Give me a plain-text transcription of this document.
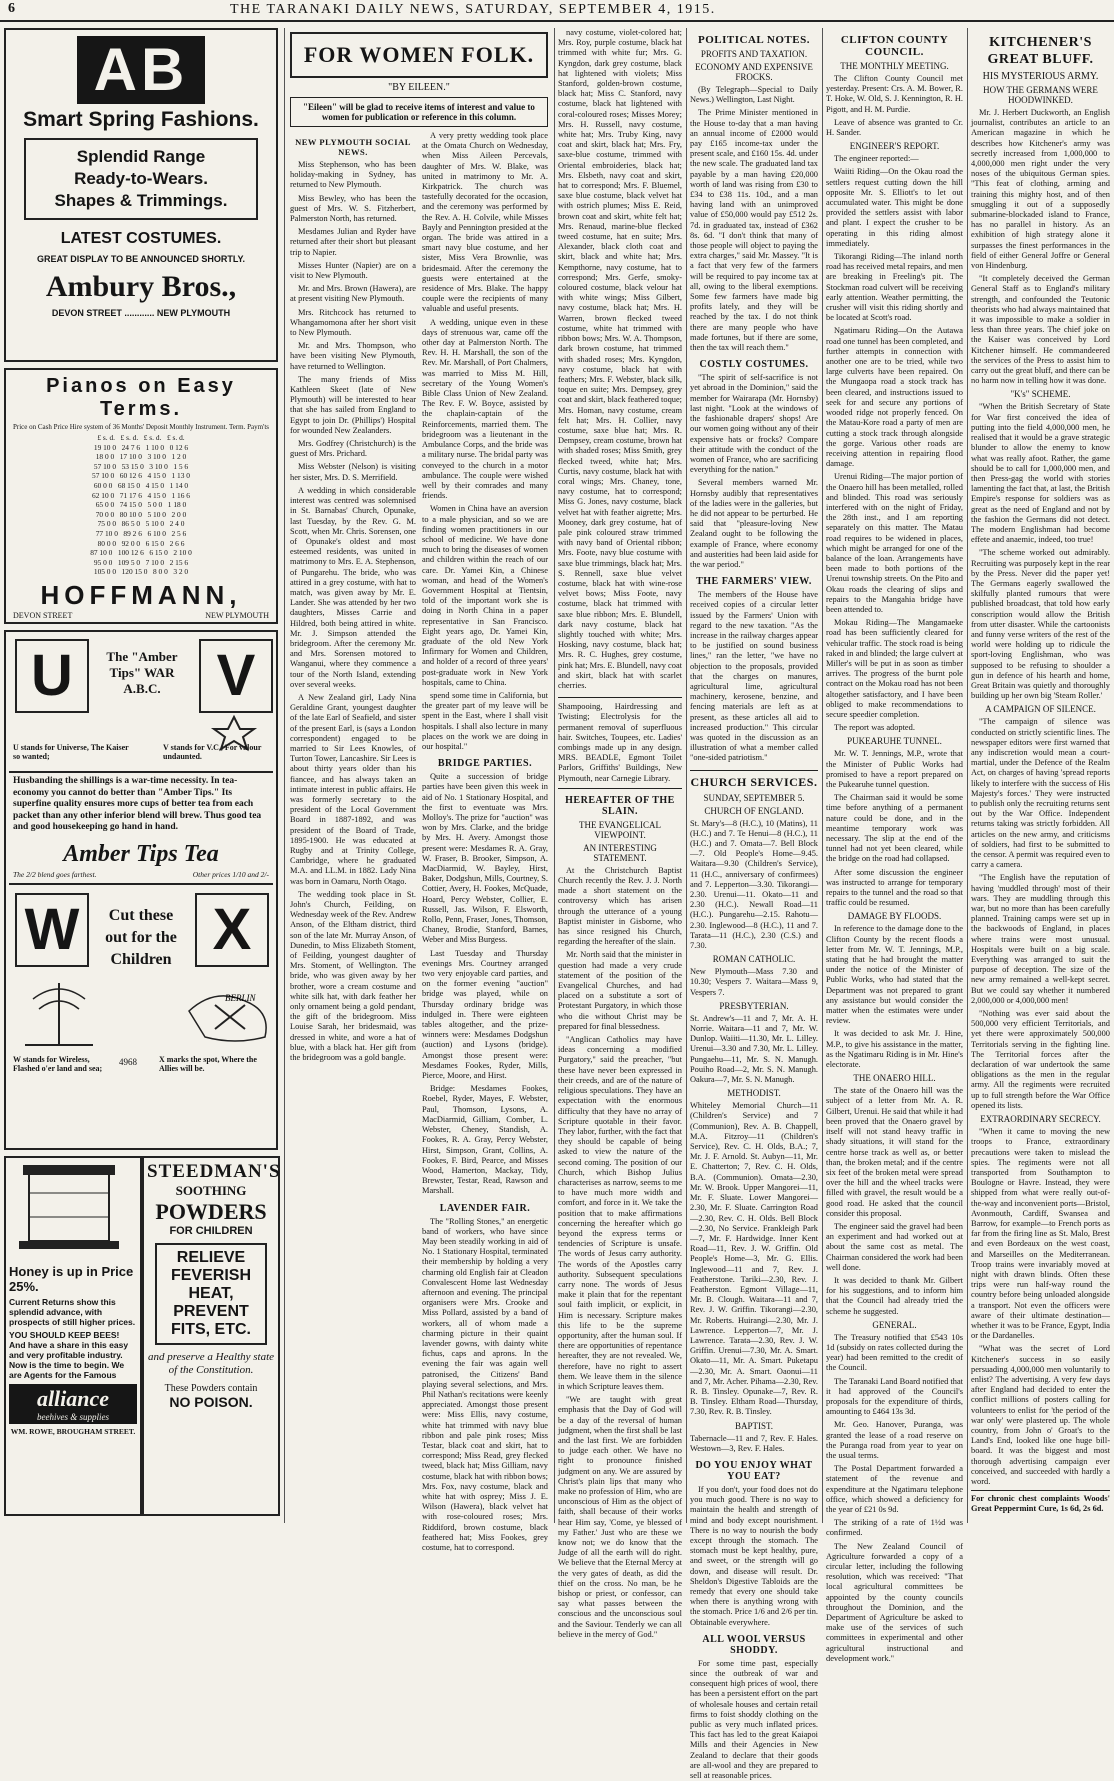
6	THE TARANAKI DAILY NEWS, SATURDAY, SEPTEMBER 4, 1915.
AB
Smart Spring Fashions.
Splendid Range
Ready-to-Wears.
Shapes & Trimmings.
LATEST COSTUMES.
GREAT DISPLAY TO BE ANNOUNCED SHORTLY.
Ambury Bros.,
DEVON STREET ............ NEW PLYMOUTH
Pianos on Easy Terms.
Price on Cash Price Hire system of 36 Months' Deposit Monthly Instrument. Term. Paym'ts
£ s. d.   £ s. d.   £ s. d.   £ s. d.
19 10 0   24 7 6   1 10 0   0 12 6
18 0 0   17 10 0   3 10 0   1 2 0
57 10 0   53 15 0   3 10 0   1 5 6
57 10 0   60 12 6   4 15 0   1 13 0
60 0 0   68 15 0   4 15 0   1 14 0
62 10 0   71 17 6   4 15 0   1 16 6
65 0 0   74 15 0   5 0 0   1 18 0
70 0 0   80 10 0   5 10 0   2 0 0
75 0 0   86 5 0   5 10 0   2 4 0
77 10 0   89 2 6   6 10 0   2 5 6
80 0 0   92 0 0   6 15 0   2 6 6
87 10 0   100 12 6   6 15 0   2 10 0
95 0 0   109 5 0   7 10 0   2 15 6
105 0 0   120 15 0   8 0 0   3 2 0
HOFFMANN,
DEVON STREET	NEW PLYMOUTH
U	The "Amber Tips" WAR A.B.C. V
U stands for Universe, The Kaiser so wanted;
V stands for V.C., For valour undaunted.
Husbanding the shillings is a war-time necessity. In tea-economy you cannot do better than "Amber Tips." Its superfine quality ensures more cups of better tea from each packet than any other inferior blend will brew. Thus good tea and good housekeeping go hand in hand.
Amber Tips Tea
The 2/2 blend goes farthest.	Other prices 1/10 and 2/-
W	Cut these out for the Children X
BERLIN
W stands for Wireless, Flashed o'er land and sea;
X marks the spot, Where the Allies will be.
4968
Honey is up in Price 25%.
Current Returns show this splendid advance, with prospects of still higher prices.
YOU SHOULD KEEP BEES! And have a share in this easy and very profitable industry. Now is the time to begin. We are Agents for the Famous
alliance
beehives & supplies
WM. ROWE, BROUGHAM STREET.
STEEDMAN'S
SOOTHING
POWDERS
FOR CHILDREN
RELIEVE
FEVERISH
HEAT,
PREVENT
FITS, ETC.
and preserve a Healthy state of the Constitution.
These Powders contain
NO POISON.
FOR WOMEN FOLK.
"BY EILEEN."
"Eileen" will be glad to receive items of interest and value to women for publication or reference in this column.
NEW PLYMOUTH SOCIAL NEWS.

Miss Stephenson, who has been holiday-making in Sydney, has returned to New Plymouth.

Miss Bewley, who has been the guest of Mrs. W. S. Fitzherbert, Palmerston North, has returned.

Mesdames Julian and Ryder have returned after their short but pleasant trip to Napier.

Misses Hunter (Napier) are on a visit to New Plymouth.

Mr. and Mrs. Brown (Hawera), are at present visiting New Plymouth.

Mrs. Ritchcock has returned to Whangamomona after her short visit to New Plymouth.

Mr. and Mrs. Thompson, who have been visiting New Plymouth, have returned to Wellington.

The many friends of Miss Kathleen Skeet (late of New Plymouth) will be interested to hear that she has sailed from England to Egypt to join Dr. (Phillips') Hospital for wounded New Zealanders.

Mrs. Godfrey (Christchurch) is the guest of Mrs. Prichard.

Miss Webster (Nelson) is visiting her sister, Mrs. D. S. Merrifield.

A wedding in which considerable interest was centred was solemnised in St. Barnabas' Church, Opunake, last Tuesday, by the Rev. G. M. Scott, when Mr. Chris. Sorensen, one of Opunake's oldest and most esteemed residents, was united in matrimony to Mrs. E. A. Stephenson, of Pungarehu. The bride, who was attired in a grey costume, with hat to match, was given away by Mr. E. Lander. She was attended by her two daughters, Misses Carrie and Hildred, both being attired in white. Mr. J. Simpson attended the bridegroom. After the ceremony Mr. and Mrs. Sorensen motored to Wanganui, where they commence a tour of the North Island, extending over several weeks.

A New Zealand girl, Lady Nina Geraldine Grant, youngest daughter of the late Earl of Seafield, and sister of the present Earl, is (says a London correspondent) engaged to be married to Sir Lees Knowles, of Turton Tower, Lancashire. Sir Lees is about thirty years older than his fiancee, and has always taken an intimate interest in public affairs. He was formerly secretary to the president of the Local Government Board in 1887-1892, and was president of the Board of Trade, 1895-1900. He was educated at Rugby and at Trinity College, Cambridge, where he graduated M.A. and LL.M. in 1882. Lady Nina was born in Oamaru, North Otago.

The wedding took place in St. John's Church, Feilding, on Wednesday week of the Rev. Andrew Anson, of the Eltham district, third son of the late Mr. Murray Anson, of Dunedin, to Miss Elizabeth Stoment, of Feilding, youngest daughter of Mrs. Stoment, of Wellington. The bride, who was given away by her brother, wore a cream costume and white silk hat, with dark feather her only ornament being a gold pendant, the gift of the bridegroom. Miss Louise Sarah, her bridesmaid, was dressed in white, and wore a hat of blue, with a black hat. Her gift from the bridegroom was a gold bangle.

A very pretty wedding took place at the Omata Church on Wednesday, when Miss Aileen Percevals, daughter of Mrs. W. Blake, was united in matrimony to Mr. A. Kirkpatrick. The church was tastefully decorated for the occasion, and the ceremony was performed by the Rev. A. H. Colvile, while Misses Bayly and Pennington presided at the organ. The bride was attired in a smart navy blue costume, and her sister, Miss Vera Brownlie, was bridesmaid. After the ceremony the guests were entertained at the residence of Mrs. Blake. The happy couple were the recipients of many valuable and useful presents.

A wedding, unique even in these days of strenuous war, came off the other day at Palmerston North. The Rev. H. H. Marshall, the son of the Rev. Mr. Marshall, of Port Chalmers, was married to Miss M. Hill, secretary of the Young Women's Bible Class Union of New Zealand. The Rev. F. W. Boyce, assisted by the chaplain-captain of the Reinforcements, married them. The bridegroom was a lieutenant in the Ambulance Corps, and the bride was a military nurse. The bridal party was conveyed to the church in a motor ambulance. The couple were wished well by their comrades and many friends.

Women in China have an aversion to a male physician, and so we are finding women practitioners in our school of medicine. We have done much to bring the diseases of women and children within the reach of our care. Dr. Yamei Kin, a Chinese woman, and head of the Women's Government Hospital at Tientsin, told of the important work she is doing in North China in a paper representative in San Francisco. Eight years ago, Dr. Yamei Kin, graduate of the old New York Infirmary for Women and Children, and holder of a record of three years' post-graduate work in New York hospitals, came to China.

spend some time in California, but the greater part of my leave will be spent in the East, where I shall visit hospitals. I shall also lecture in many places on the work we are doing in our hospital."

BRIDGE PARTIES.

Quite a succession of bridge parties have been given this week in aid of No. 1 Stationary Hospital, and the first to eventuate was Mrs. Molloy's. The prize for "auction" was won by Mrs. Clarke, and the bridge by Mrs. H. Avery. Amongst those present were: Mesdames R. A. Gray, W. Fraser, B. Brooker, Simpson, A. MacDiarmid, W. Bayley, Hirst, Baker, Dodgshun, Mills, Courtney, S. Cottier, Avery, H. Fookes, McQuade, Hoard, Percy Webster, Collier, E. Russell, Jas. Wilson, F. Elsworth, Rollo, Penn, Fraser, Jones, Thomson, Chaney, Brodie, Stanford, Barnes, Weber and Miss Burgess.

Last Tuesday and Thursday evenings Mrs. Courtney arranged two very enjoyable card parties, and on the former evening "auction" bridge was played, while on Thursday ordinary bridge was indulged in. There were eighteen tables altogether, and the prize-winners were: Mesdames Dodgshun (auction) and Lysons (bridge). Amongst those present were: Mesdames Fookes, Ryder, Mills, Pierce, Moore, and Hirst.

Bridge: Mesdames Fookes, Roebel, Ryder, Mayes, F. Webster, Paul, Thomson, Lysons, A. MacDiarmid, Gilliam, Comber, L. Webster, Cheney, Standish, A. Fookes, R. A. Gray, Percy Webster, Hirst, Simpson, Grant, Collins, A. Fookes, F. Bird, Pearce, and Misses Wood, Hamerton, Mackay, Tidy, Brewster, Testar, Read, Rawson and Marshall.

LAVENDER FAIR.

The "Rolling Stones," an energetic band of workers, who have since May been steadily working in aid of No. 1 Stationary Hospital, terminated their membership by holding a very charming old English fair at Cleadon Convalescent Home last Wednesday afternoon and evening. The principal organisers were Mrs. Crooke and Miss Pollard, assisted by a band of workers, all of whom made a charming picture in their quaint lavender gowns, with dainty white fichus, caps and aprons. In the evening the fair was again well patronised, the Citizens' Band playing several selections, and Mrs. Phil Nathan's recitations were keenly appreciated. Amongst those present were: Miss Ellis, navy costume, white hat trimmed with navy blue ribbon and pale pink roses; Miss Testar, black coat and skirt, hat to correspond; Miss Read, grey flecked tweed, black hat; Miss Gilliam, navy costume, black hat with ribbon bows; Mrs. Fox, navy costume, black and white hat with osprey; Miss J. E. Wilson (Hawera), black velvet hat with rose-coloured roses; Mrs. Riddiford, brown costume, black feathered hat; Miss Fookes, grey costume, hat to correspond.

navy costume, violet-colored hat; Mrs. Roy, purple costume, black hat trimmed with white fur; Mrs. G. Kyngdon, dark grey costume, black hat lightened with violets; Miss Stanford, golden-brown costume, black hat; Miss C. Stanford, navy costume, black hat lightened with coral-coloured roses; Misses Morey; Mrs. H. Russell, navy costume, white hat; Mrs. Truby King, navy coat and skirt, black hat; Mrs. Fry, saxe-blue costume, trimmed with Oriental embroideries, black hat; Mrs. Elsbeth, navy coat and skirt, hat to correspond; Mrs. F. Bluemel, saxe blue costume, black velvet hat with ostrich plumes; Miss E. Reid, brown coat and skirt, white felt hat; Mrs. Renaud, marine-blue flecked tweed costume, hat en suite; Mrs. Alexander, black cloth coat and skirt, black and white hat; Mrs. Kempthorne, navy costume, hat to correspond; Mrs. Gerfe, smoky-coloured costume, black velour hat with white wings; Miss Gilbert, navy costume, black hat; Mrs. H. Warren, brown flecked tweed costume, white hat trimmed with ribbon bows; Mrs. W. A. Thompson, dark brown costume, hat trimmed with shaded roses; Mrs. Kyngdon, navy costume, black hat with feathers; Mrs. F. Webster, black silk, toque en suite; Mrs. Dempsey, grey coat and skirt, black feathered toque; Mrs. Homan, navy costume, cream felt hat; Mrs. H. Collier, navy costume, saxe blue hat; Mrs. R. Dempsey, cream costume, brown hat with shaded roses; Miss Smith, grey flecked tweed, white hat; Mrs. Curtis, navy costume, black hat with coral wings; Mrs. Chaney, tone, navy costume, hat to correspond; Miss G. Jones, navy costume, black velvet hat with feather aigrette; Mrs. Mooney, dark grey costume, hat of pale pink coloured straw trimmed with navy band of Oriental ribbon; Mrs. Foote, navy blue costume with saxe blue trimmings, black hat; Mrs. S. Rennell, saxe blue velvet costume, black hat with wine-rose velvet bows; Miss Foote, navy costume, black hat trimmed with saxe blue ribbon; Mrs. E. Blundell, dark navy costume, black hat slightly touched with white; Mrs. Hosking, navy costume, black hat; Mrs. R. C. Hughes, grey costume, pink hat; Mrs. E. Blundell, navy coat and skirt, black hat with scarlet cherries.

Shampooing, Hairdressing and Twisting; Electrolysis for the permanent removal of superfluous hair. Switches, Toupees, etc. Ladies' combings made up in any design. MRS. BEADLE, Egmont Toilet Parlors, Griffiths' Buildings, New Plymouth, near Carnegie Library.

HEREAFTER OF THE SLAIN.
THE EVANGELICAL VIEWPOINT.
AN INTERESTING STATEMENT.

At the Christchurch Baptist Church recently the Rev. J. J. North made a short statement on the controversy which has arisen through the utterance of a young Baptist minister in Gisborne, who has since resigned his Church, regarding the hereafter of the slain.

Mr. North said that the minister in question had made a very crude statement of the position of the Evangelical Churches, and had placed on a substitute a sort of Protestant Purgatory, in which those who die without Christ may be prepared for final blessedness.

"Anglican Catholics may have ideas concerning a modified Purgatory," said the preacher, "but these have never been expressed in their creeds, and are of the nature of religious speculations. They have an expectation with the enormous difficulty that they have no array of Scripture quotable in their favor. They labor, further, with the fact that they should be capable of being asked to view the nature of the second coming. The position of our Church, which Bishop Julius characterises as narrow, seems to me to have much more width and comfort, and force in it. We take the position that to make affirmations concerning the hereafter which go beyond the express terms or tendencies of Scripture is unsafe. The words of Jesus carry authority. The words of the Apostles carry authority. Subsequent speculations carry none. The words of Jesus make it plain that for the repentant soul faith implicit, or explicit, in Him is necessary. Scripture makes this life to be the supreme opportunity, after the human soul. If there are opportunities of repentance hereafter, they are not revealed. We, therefore, have no right to assert them. We leave them in the silence in which Scripture leaves them.

"We are taught with great emphasis that the Day of God will be a day of the reversal of human judgment, when the first shall be last and the last first. We are forbidden to judge each other. We have no right to pronounce finished judgment on any. We are assured by Christ's plain lips that many who make no profession of Him, who are unconscious of Him as the object of faith, shall because of their works hear Him say, 'Come, ye blessed of my Father.' Just who are these we know not; we do know that the Judge of all the earth will do right. We believe that the Eternal Mercy at the very gates of death, as did the thief on the cross. No man, be he bishop or priest, or confessor, can say what passes between the conscious and the unconscious soul and the Saviour. Tenderly we can all believe in the mercy of God."

POLITICAL NOTES.
PROFITS AND TAXATION.
ECONOMY AND EXPENSIVE FROCKS.

(By Telegraph—Special to Daily News.) Wellington, Last Night.

The Prime Minister mentioned in the House to-day that a man having an annual income of £2000 would pay £165 income-tax under the present scale, and £160 15s. 4d. under the new scale. The graduated land tax payable by a man having £20,000 worth of land was rising from £30 to £34 to £38 11s. 10d., and a man having land with an unimproved value of £50,000 would pay £512 2s. 7d. in graduated tax, instead of £362 8s. 6d. "I don't think that many of those people will object to paying the extra charges," said Mr. Massey. "It is a fact that very few of the farmers will be required to pay income tax at all, owing to the liberal exemptions. Some few farmers have made big profits lately, and they will be reached by the tax. I do not think there are many people who have made fortunes, but if there are some, then the tax will reach them."

COSTLY COSTUMES.

"The spirit of self-sacrifice is not yet abroad in the Dominion," said the member for Wairarapa (Mr. Hornsby) last night. "Look at the windows of the fashionable drapers' shops! Are our women going without any of their expensive hats or frocks? Compare their attitude with the conduct of the women of France, who are sacrificing everything for the nation."

Several members warned Mr. Hornsby audibly that representatives of the ladies were in the galleries, but he did not appear to be perturbed. He said that "pleasure-loving New Zealand ought to be following the example of France, where economy and austerities had been laid aside for the war period."

THE FARMERS' VIEW.

The members of the House have received copies of a circular letter issued by the Farmers' Union with regard to the new taxation. "As the increase in the railway charges appear to be justified on sound business lines," ran the letter, "we have no objection to the proposals, provided that the charges on manures, agricultural lime, agricultural machinery, kerosene, benzine, and fencing materials are left as at present, as these articles all aid to increased production." This circular was quoted in the discussion as an illustration of what a member called "one-sided patriotism."

CHURCH SERVICES.
SUNDAY, SEPTEMBER 5.
CHURCH OF ENGLAND.

St. Mary's—8 (H.C.), 10 (Matins), 11 (H.C.) and 7. Te Henui—8 (H.C.), 11 (H.C.) and 7. Omata—7. Bell Block—7. Old People's Home—9.45. Waitara—9.30 (Children's Service), 11 (H.C., anniversary of confirmees) and 7. Lepperton—3.30. Tikorangi—2.30. Urenui—11. Okato—11 and 2.30 (H.C.). Newall Road—11 (H.C.). Pungarehu—2.15. Rahotu—2.30. Inglewood—8 (H.C.), 11 and 7. Tarata—11 (H.C.), 2.30 (C.S.) and 7.30.

ROMAN CATHOLIC.

New Plymouth—Mass 7.30 and 10.30; Vespers 7. Waitara—Mass 9, Vespers 7.

PRESBYTERIAN.

St. Andrew's—11 and 7, Mr. A. H. Norrie. Waitara—11 and 7, Mr. W. Dunlop. Waiiti—11.30, Mr. L. Lilley. Urenui—3.30 and 7.30, Mr. L. Lilley. Pungaehu—11, Mr. S. N. Manugh. Pouiho Road—2, Mr. S. N. Manugh. Oakura—7, Mr. S. N. Manugh.

METHODIST.

Whiteley Memorial Church—11 (Children's Service) and 7 (Communion), Rev. A. B. Chappell, M.A. Fitzroy—11 (Children's Service), Rev. C. H. Olds, B.A.; 7, Mr. J. F. Arnold. St. Aubyn—11, Mr. E. Chatterton; 7, Rev. C. H. Olds, B.A. (Communion). Omata—2.30, Mr. W. Brook. Upper Mangorei—11, Mr. F. Sluate. Lower Mangorei—2.30, Mr. F. Sluate. Carrington Road—2.30, Rev. C. H. Olds. Bell Block—2.30, No Service. Frankleigh Park—7, Mr. F. Hardwidge. Inner Kent Road—11, Rev. J. W. Griffin. Old People's Home—3, Mr. G. Ellis. Inglewood—11 and 7, Rev. J. Featherstone. Tariki—2.30, Rev. J. Featherston. Egmont Village—11, Mr. B. Clough. Waitara—11 and 7, Rev. J. W. Griffin. Tikorangi—2.30, Mr. Roberts. Huirangi—2.30, Mr. J. Lawrence. Lepperton—7, Mr. J. Lawrence. Tarata—2.30, Rev. J. W. Griffin. Urenui—7.30, Mr. A. Smart. Okato—11, Mr. A. Smart. Puketapu—2.30, Mr. A. Smart. Oaonui—11 and 7, Mr. Acher. Pihama—2.30, Rev. R. B. Tinsley. Opunake—7, Rev. R. B. Tinsley. Eltham Road—Thursday, 7.30, Rev. R. B. Tinsley.

BAPTIST.

Tabernacle—11 and 7, Rev. F. Hales. Westown—3, Rev. F. Hales.

DO YOU ENJOY WHAT YOU EAT?

If you don't, your food does not do you much good. There is no way to maintain the health and strength of mind and body except nourishment. There is no way to nourish the body except through the stomach. The stomach must be kept healthy, pure, and sweet, or the strength will go down, and disease will result. Dr. Sheldon's Digestive Tabloids are the remedy that every one should take when there is anything wrong with the stomach. Price 1/6 and 2/6 per tin. Obtainable everywhere.

ALL WOOL VERSUS SHODDY.

For some time past, especially since the outbreak of war and consequent high prices of wool, there has been a persistent effort on the part of wholesale houses and certain retail firms to foist shoddy clothing on the public as very much inflated prices. This fact has led to the great Kaiapoi Mills and their Agencies in New Zealand to declare that their goods are all-wool and they are prepared to sell at reasonable prices.

CLIFTON COUNTY COUNCIL.
THE MONTHLY MEETING.

The Clifton County Council met yesterday. Present: Crs. A. M. Bower, R. T. Hoke, W. Old, S. J. Kennington, R. H. Pigott, and H. M. Purdie.

Leave of absence was granted to Cr. H. Sander.

ENGINEER'S REPORT.

The engineer reported:—

Waiiti Riding—On the Okau road the settlers request cutting down the hill opposite Mr. S. Elliott's to let out accumulated water. This might be done provided the settlers assist with labor and plant. I expect the crusher to be operating in this riding almost immediately.

Tikorangi Riding—The inland north road has received metal repairs, and men are breaking in Freeling's pit. The Stockman road culvert will be receiving early attention. Weather permitting, the crusher will visit this riding shortly and be located at Scott's road.

Ngatimaru Riding—On the Autawa road one tunnel has been completed, and further attempts in connection with another one are to be tried, while two large culverts have been repaired. On the Mungaopa road a stock track has been cleared, and instructions issued to seek for and secure any portions of wooded ridge not properly fenced. On the Matau-Kore road a party of men are cutting a stock track through alongside the gorge. Various other roads are receiving attention in repairing flood damage.

Urenui Riding—The major portion of the Onaero hill has been metalled, rolled and blinded. This road was seriously interfered with on the night of Friday, the 28th inst., and I am reporting separately on this matter. The Matau road requires to be widened in places, which might be arranged for one of the balance of the loan. Arrangements have been made to both portions of the Urenui township streets. On the Pito and Okau roads the clearing of slips and repairs to the Mangahia bridge have been attended to.

Mokau Riding—The Mangamaeke road has been sufficiently cleared for vehicular traffic. The stock road is being raked in and blinded; the large culvert at Miller's will be put in as soon as timber arrives. The progress of the burnt pole contract on the Mokau road has not been altogether satisfactory, and I have been obliged to make recommendations to secure speedier completion.

The report was adopted.

PUKEARUHE TUNNEL.

Mr. W. T. Jennings, M.P., wrote that the Minister of Public Works had promised to have a report prepared on the Pukearuhe tunnel question.

The Chairman said it would be some time before anything of a permanent nature could be done, and in the meantime temporary work was necessary. The slip at the end of the tunnel had not yet been cleared, while the bridge on the road had collapsed.

After some discussion the engineer was instructed to arrange for temporary repairs to the tunnel and the road so that traffic could be resumed.

DAMAGE BY FLOODS.

In reference to the damage done to the Clifton County by the recent floods a letter from Mr. W. T. Jennings, M.P., stating that he had brought the matter under the notice of the Minister of Public Works, who had stated that the Department was not prepared to grant any assistance but would consider the matter when the estimates were under review.

It was decided to ask Mr. J. Hine, M.P., to give his assistance in the matter, as the Ngatimaru Riding is in Mr. Hine's electorate.

THE ONAERO HILL.

The state of the Onaero hill was the subject of a letter from Mr. A. R. Gilbert, Urenui. He said that while it had been proved that the Onaero gravel by itself will not stand heavy traffic in shady situations, it will stand for the centre horse track as well as, or better than, the broken metal; and if the centre six feet of the broken metal were spread over the hill and the wheel tracks were filled with gravel, the result would be a good road. He asked that the council consider this proposal.

The engineer said the gravel had been an experiment and had worked out at about the same cost as metal. The Chairman considered the work had been well done.

It was decided to thank Mr. Gilbert for his suggestions, and to inform him that the Council had already tried the scheme he suggested.

GENERAL.

The Treasury notified that £543 10s 1d (subsidy on rates collected during the year) had been remitted to the credit of the Council.

The Taranaki Land Board notified that it had approved of the Council's proposals for the expenditure of thirds, amounting to £464 13s 3d.

Mr. Geo. Hanover, Puranga, was granted the lease of a road reserve on the Puranga road from year to year on the usual terms.

The Postal Department forwarded a statement of the revenue and expenditure at the Ngatimaru telephone office, which showed a deficiency for the year of £21 0s 9d.

The striking of a rate of 1½d was confirmed.

The New Zealand Council of Agriculture forwarded a copy of a circular letter, including the following resolution, which was received: "That local agricultural committees be appointed by the county councils throughout the Dominion, and the Department of Agriculture be asked to make use of the services of such committees in experimental and other agricultural instructional and development work."

KITCHENER'S GREAT BLUFF.
HIS MYSTERIOUS ARMY.
HOW THE GERMANS WERE HOODWINKED.

Mr. J. Herbert Duckworth, an English journalist, contributes an article to an American magazine in which he describes how Kitchener's army was secretly increased from 1,000,000 to 4,000,000 men right under the very noses of the ubiquitous German spies. "This feat of clothing, arming and training this mighty host, and of then smuggling it out of a supposedly submarine-blockaded island to France, has no parallel in history. As an exhibition of high strategy alone it surpasses the finest performances in the field of either General Joffre or General von Hindenburg.

"It completely deceived the German General Staff as to England's military strength, and confounded the Teutonic theorists who had always maintained that it was impossible to make a soldier in less than three years. The chief joke on the Kaiser was conceived by Lord Kitchener himself. He commandeered the services of the Press to assist him to carry out the great bluff, and there can be no harm now in telling how it was done.

"K's" SCHEME.

"When the British Secretary of State for War first conceived the idea of putting into the field 4,000,000 men, he realised that it would be a grave strategic blunder to allow the enemy to know what was really afoot. Rather, the game should be to call for 1,000,000 men, and then Press-gag the world with stories lamenting the fact that, at last, the British Empire's response for soldiers was as great as the need of England and not by the fashion the Germans did not detect. The modern Englishman had become effete and anaemic, indeed, too true!

"The scheme worked out admirably. Recruiting was purposely kept in the rear by the Press. Never did the paper yet! The Germans eagerly swallowed the skilfully planted rumours that were published broadcast, that told how early conscription would allow the British from utter disaster. While the cartoonists and funny verse writers of the rest of the world were holding up to ridicule the sport-loving Englishman, who was supposed to be refusing to shoulder a gun in defence of his hearth and home, Great Britain was quietly and thoroughly building up her own big 'Steam Roller.'

A CAMPAIGN OF SILENCE.

"The campaign of silence was conducted on strictly scientific lines. The newspaper editors were first warned that any indiscretion would mean a court-martial, under the Defence of the Realm Act, on charges of having 'spread reports likely to interfere with the success of His Majesty's forces.' They were instructed to publish only the recruiting returns sent out by the War Office. Independent returns taking was strictly forbidden. All articles on the new army, and criticisms of soldiers, had first to be submitted to the censor. A permit was required even to carry a camera.

"The English have the reputation of having 'muddled through' most of their wars. They are muddling through this war, but no more than has been carefully planned. Training camps were set up in the backwoods of England, in places where trains were most unusual. Hospitals were built on a big scale. Everything was arranged to suit the purpose of deception. The size of the new army remained a well-kept secret. But we could say whether it numbered 2,000,000 or 4,000,000 men!

"Nothing was ever said about the 500,000 very efficient Territorials, and yet there were approximately 500,000 Territorials serving in the fighting line. The Territorial forces after the declaration of war undertook the same obligations as the men in the regular army. All the regiments were recruited up to full strength before the War Office opened its lists.

EXTRAORDINARY SECRECY.

"When it came to moving the new troops to France, extraordinary precautions were taken to mislead the spies. The regiments were not all transported from Southampton to Boulogne or Havre. Instead, they were shipped from what were really out-of-the-way and inconvenient ports—Bristol, Avonmouth, Cardiff, Swansea and Barrow, for example—to French ports as far from the firing line as St. Malo, Brest and even Bordeaux on the west coast, and Marseilles on the Mediterranean. Troop trains were invariably moved at night with drawn blinds. Often these trips were run half-way round the country before being unloaded alongside a transport. Not even the officers were aware of their ultimate destination—whether it was to be France, Egypt, India or the Dardanelles.

"What was the secret of Lord Kitchener's success in so easily persuading 4,000,000 men voluntarily to enlist? The advertising. A very few days after England had decided to enter the conflict millions of posters calling for volunteers to enlist for 'the period of the war only' were plastered up. The whole country, from John o' Groat's to the Land's End, looked like one huge bill-board. It was the biggest and most thorough advertising campaign ever conceived, and succeeded with hardly a word.

For chronic chest complaints Woods' Great Peppermint Cure, 1s 6d, 2s 6d.
